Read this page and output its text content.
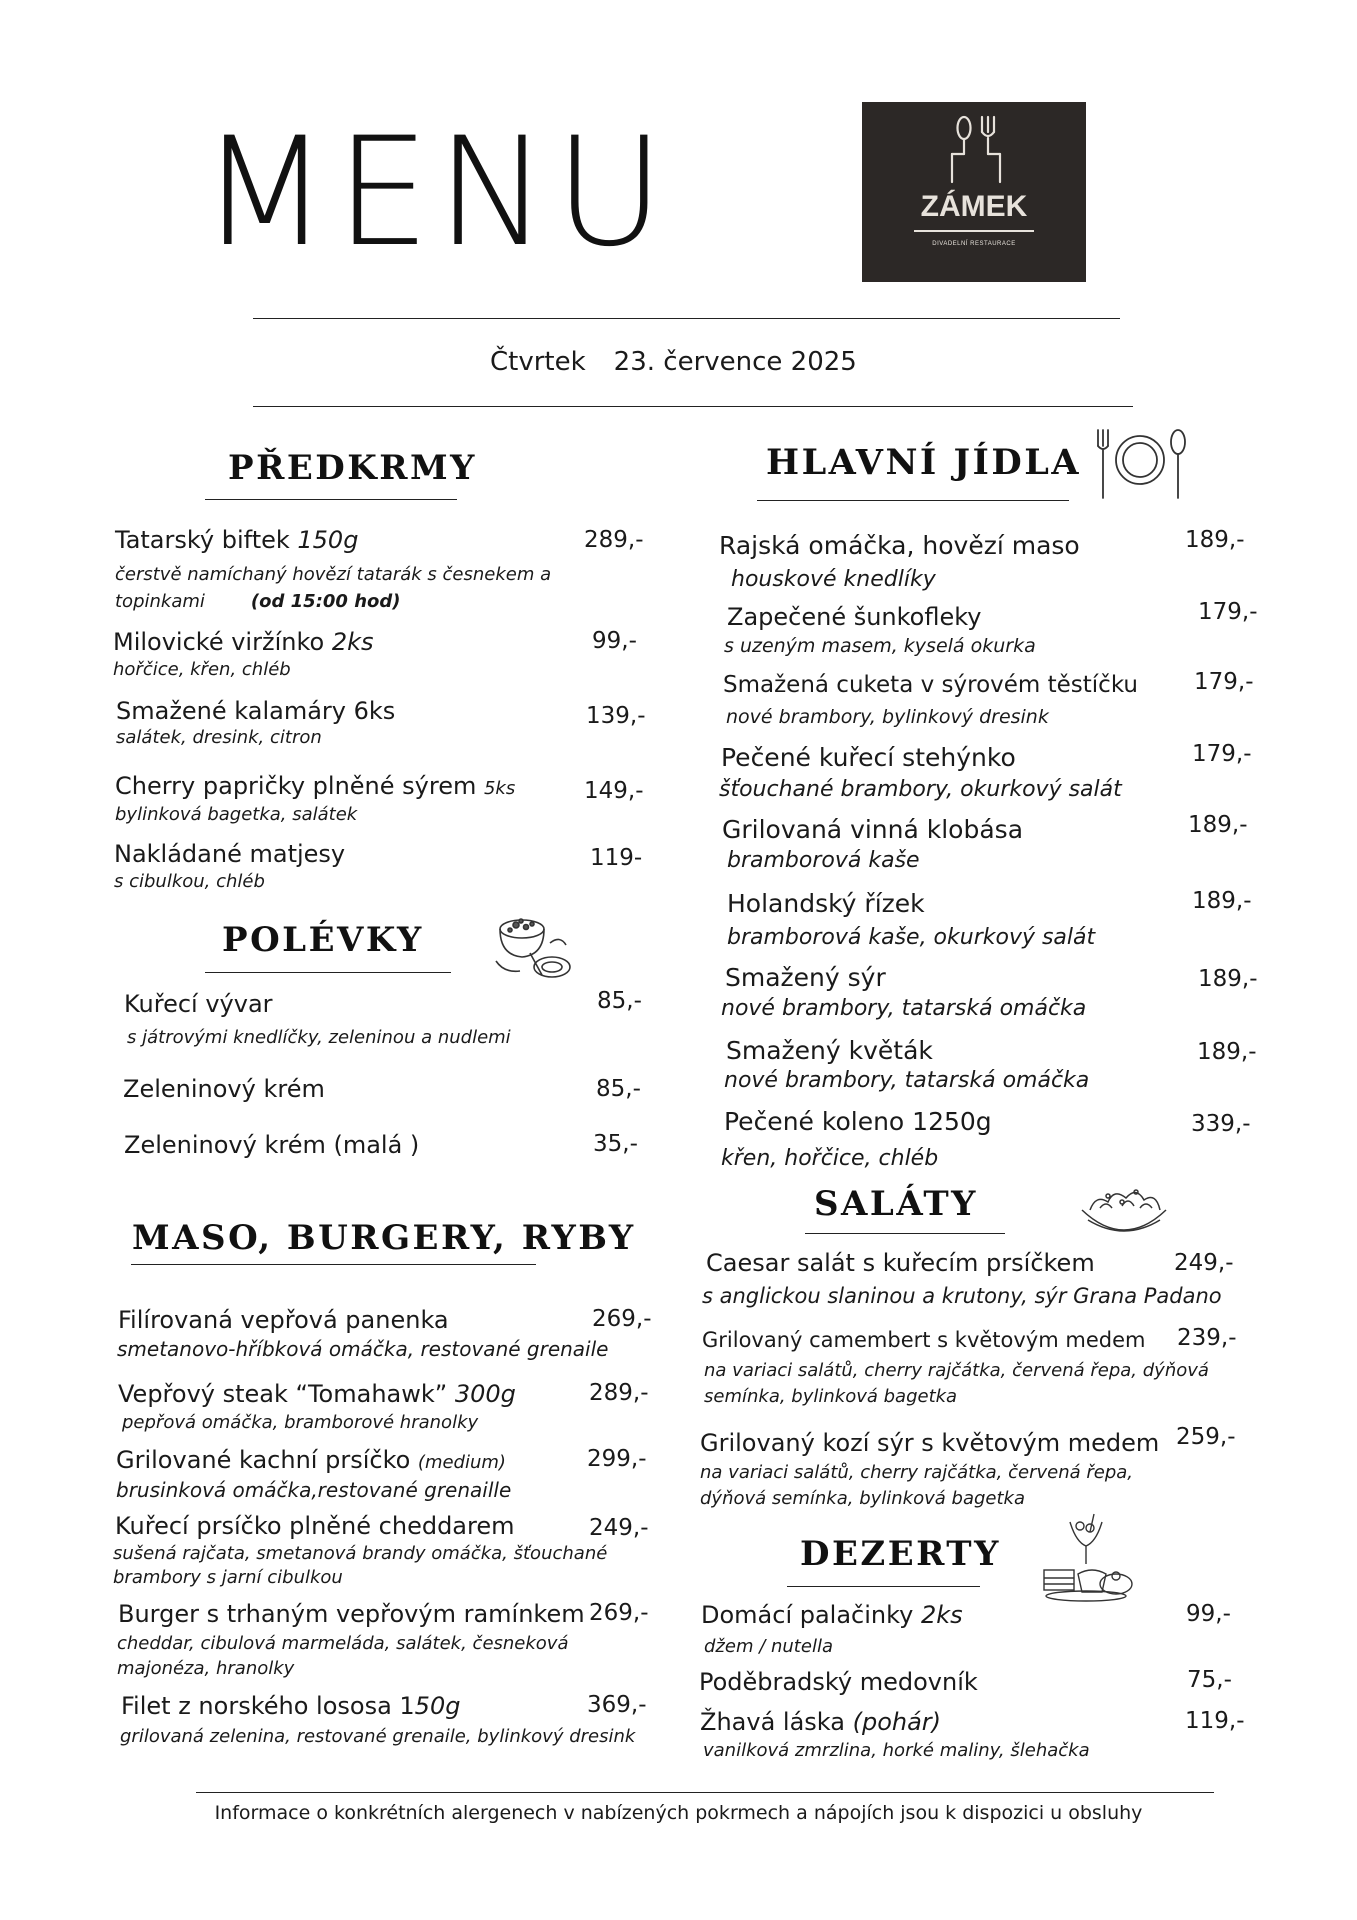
MENU	ZÁMEK
DIVADELNÍ RESTAURACE
Čtvrtek 23. července 2025
PŘEDKRMY
Tatarský biftek 150g	289,-
čerstvě namíchaný hovězí tatarák s česnekem a
topinkami	(od 15:00 hod)
Milovické viržínko 2ks	99,-
hořčice, křen, chléb
Smažené kalamáry 6ks	139,-
salátek, dresink, citron
Cherry papričky plněné sýrem 5ks	149,-
bylinková bagetka, salátek
Nakládané matjesy	119-
s cibulkou, chléb
POLÉVKY
Kuřecí vývar	85,-
s játrovými knedlíčky, zeleninou a nudlemi
Zeleninový krém	85,-
Zeleninový krém (malá )	35,-
MASO, BURGERY, RYBY
Filírovaná vepřová panenka	269,-
smetanovo-hříbková omáčka, restované grenaile
Vepřový steak “Tomahawk” 300g	289,-
pepřová omáčka, bramborové hranolky
Grilované kachní prsíčko (medium)	299,-
brusinková omáčka,restované grenaille
Kuřecí prsíčko plněné cheddarem	249,-
sušená rajčata, smetanová brandy omáčka, šťouchané
brambory s jarní cibulkou
Burger s trhaným vepřovým ramínkem 269,-
cheddar, cibulová marmeláda, salátek, česneková
majonéza, hranolky
Filet z norského lososa 150g	369,-
grilovaná zelenina, restované grenaile, bylinkový dresink
HLAVNÍ JÍDLA
Rajská omáčka, hovězí maso	189,-
houskové knedlíky
Zapečené šunkofleky	179,-
s uzeným masem, kyselá okurka
Smažená cuketa v sýrovém těstíčku 179,-
nové brambory, bylinkový dresink
Pečené kuřecí stehýnko	179,-
šťouchané brambory, okurkový salát
Grilovaná vinná klobása	189,-
bramborová kaše
Holandský řízek	189,-
bramborová kaše, okurkový salát
Smažený sýr	189,-
nové brambory, tatarská omáčka
Smažený květák	189,-
nové brambory, tatarská omáčka
Pečené koleno 1250g	339,-
křen, hořčice, chléb
SALÁTY
Caesar salát s kuřecím prsíčkem	249,-
s anglickou slaninou a krutony, sýr Grana Padano
Grilovaný camembert s květovým medem 239,-
na variaci salátů, cherry rajčátka, červená řepa, dýňová
semínka, bylinková bagetka
Grilovaný kozí sýr s květovým medem 259,-
na variaci salátů, cherry rajčátka, červená řepa,
dýňová semínka, bylinková bagetka
DEZERTY
Domácí palačinky 2ks	99,-
džem / nutella
Poděbradský medovník	75,-
Žhavá láska (pohár)	119,-
vanilková zmrzlina, horké maliny, šlehačka
Informace o konkrétních alergenech v nabízených pokrmech a nápojích jsou k dispozici u obsluhy
